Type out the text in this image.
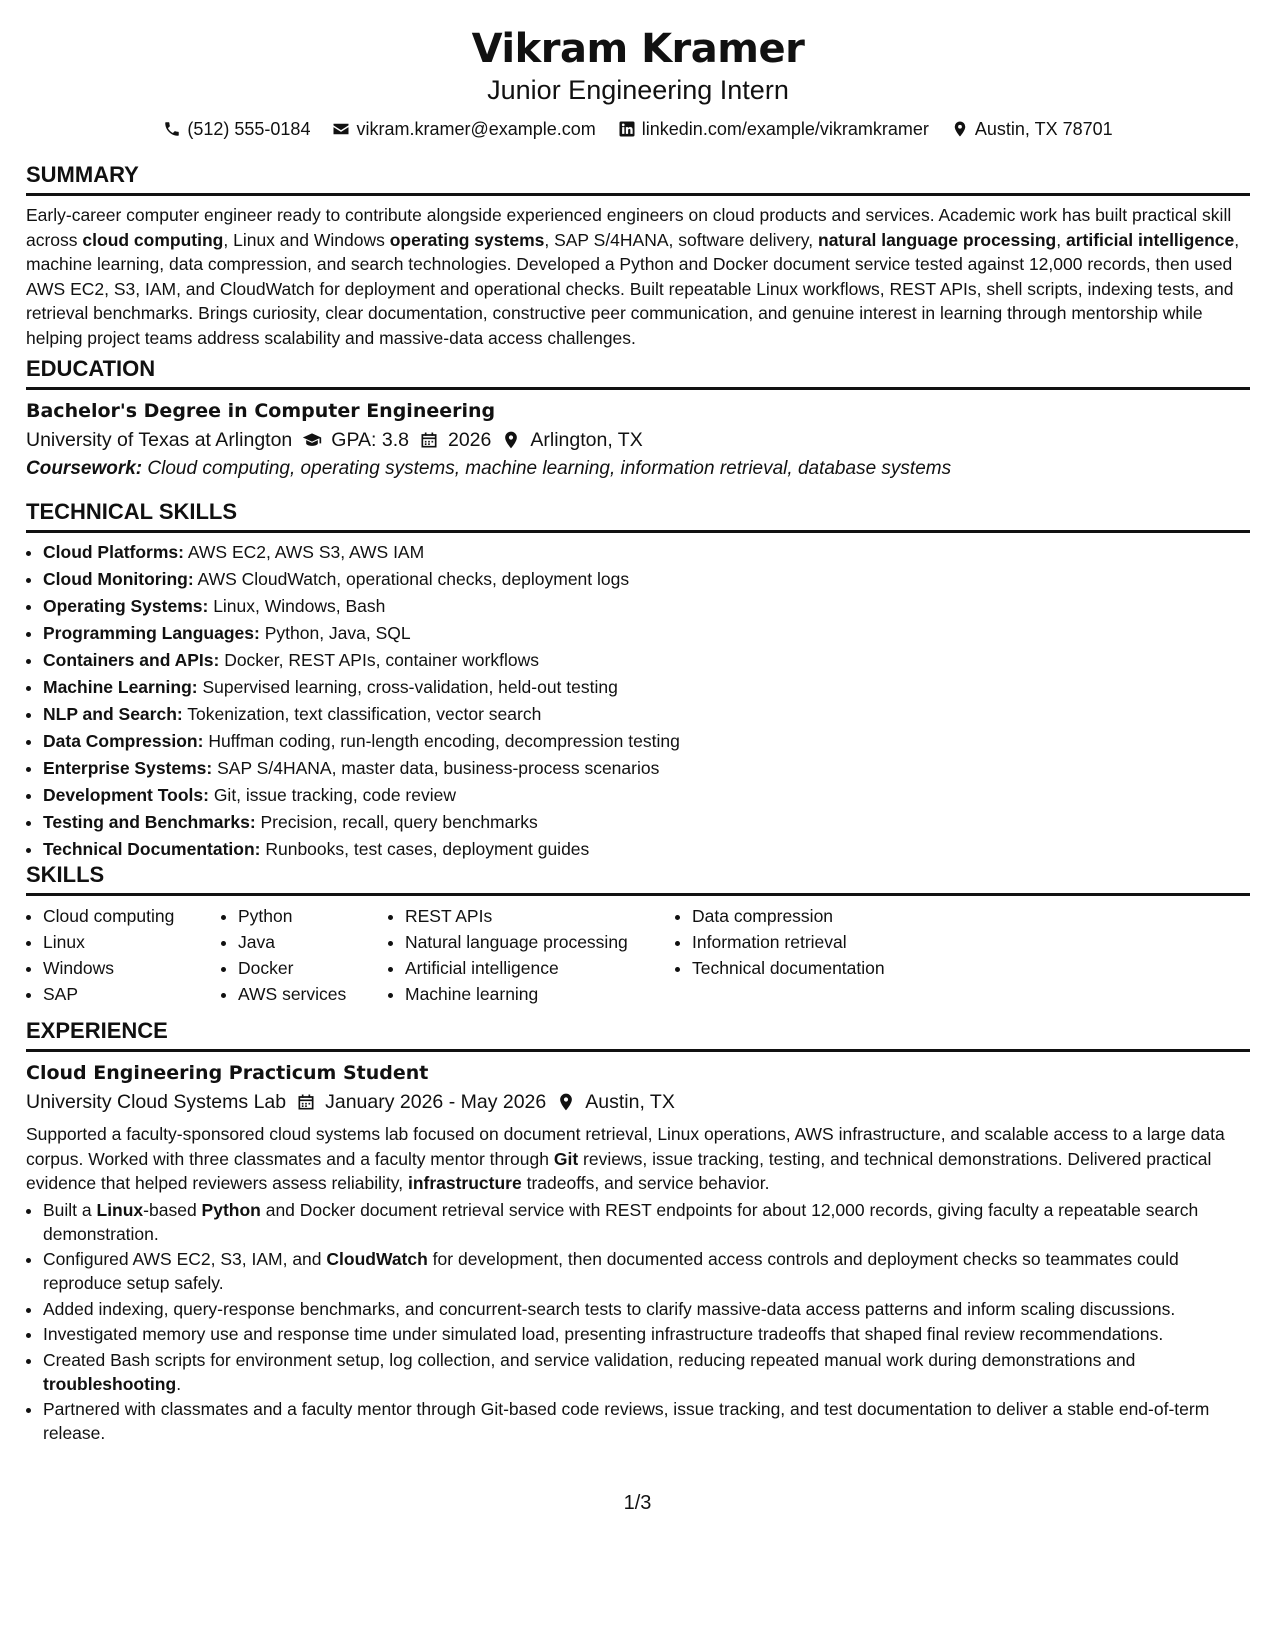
Vikram Kramer
Junior Engineering Intern
(512) 555-0184	vikram.kramer@example.com	linkedin.com/example/vikramkramer	Austin, TX 78701
SUMMARY

Early-career computer engineer ready to contribute alongside experienced engineers on cloud products and services. Academic work has built practical skill across cloud computing, Linux and Windows operating systems, SAP S/4HANA, software delivery, natural language processing, artificial intelligence, machine learning, data compression, and search technologies. Developed a Python and Docker document service tested against 12,000 records, then used AWS EC2, S3, IAM, and CloudWatch for deployment and operational checks. Built repeatable Linux workflows, REST APIs, shell scripts, indexing tests, and retrieval benchmarks. Brings curiosity, clear documentation, constructive peer communication, and genuine interest in learning through mentorship while helping project teams address scalability and massive-data access challenges.

EDUCATION
Bachelor's Degree in Computer Engineering
University of Texas at Arlington GPA: 3.8 2026 Arlington, TX
Coursework: Cloud computing, operating systems, machine learning, information retrieval, database systems
TECHNICAL SKILLS
• Cloud Platforms: AWS EC2, AWS S3, AWS IAM
• Cloud Monitoring: AWS CloudWatch, operational checks, deployment logs
• Operating Systems: Linux, Windows, Bash
• Programming Languages: Python, Java, SQL
• Containers and APIs: Docker, REST APIs, container workflows
• Machine Learning: Supervised learning, cross-validation, held-out testing
• NLP and Search: Tokenization, text classification, vector search
• Data Compression: Huffman coding, run-length encoding, decompression testing
• Enterprise Systems: SAP S/4HANA, master data, business-process scenarios
• Development Tools: Git, issue tracking, code review
• Testing and Benchmarks: Precision, recall, query benchmarks
• Technical Documentation: Runbooks, test cases, deployment guides
SKILLS
• Cloud computing
• Linux
• Windows
• SAP
• Python
• Java
• Docker
• AWS services
• REST APIs
• Natural language processing
• Artificial intelligence
• Machine learning
• Data compression
• Information retrieval
• Technical documentation
EXPERIENCE
Cloud Engineering Practicum Student
University Cloud Systems Lab January 2026 - May 2026 Austin, TX

Supported a faculty-sponsored cloud systems lab focused on document retrieval, Linux operations, AWS infrastructure, and scalable access to a large data corpus. Worked with three classmates and a faculty mentor through Git reviews, issue tracking, testing, and technical demonstrations. Delivered practical evidence that helped reviewers assess reliability, infrastructure tradeoffs, and service behavior.

• Built a Linux-based Python and Docker document retrieval service with REST endpoints for about 12,000 records, giving faculty a repeatable search demonstration.
• Configured AWS EC2, S3, IAM, and CloudWatch for development, then documented access controls and deployment checks so teammates could reproduce setup safely.
• Added indexing, query-response benchmarks, and concurrent-search tests to clarify massive-data access patterns and inform scaling discussions.
• Investigated memory use and response time under simulated load, presenting infrastructure tradeoffs that shaped final review recommendations.
• Created Bash scripts for environment setup, log collection, and service validation, reducing repeated manual work during demonstrations and troubleshooting.
• Partnered with classmates and a faculty mentor through Git-based code reviews, issue tracking, and test documentation to deliver a stable end-of-term release.
1/3
